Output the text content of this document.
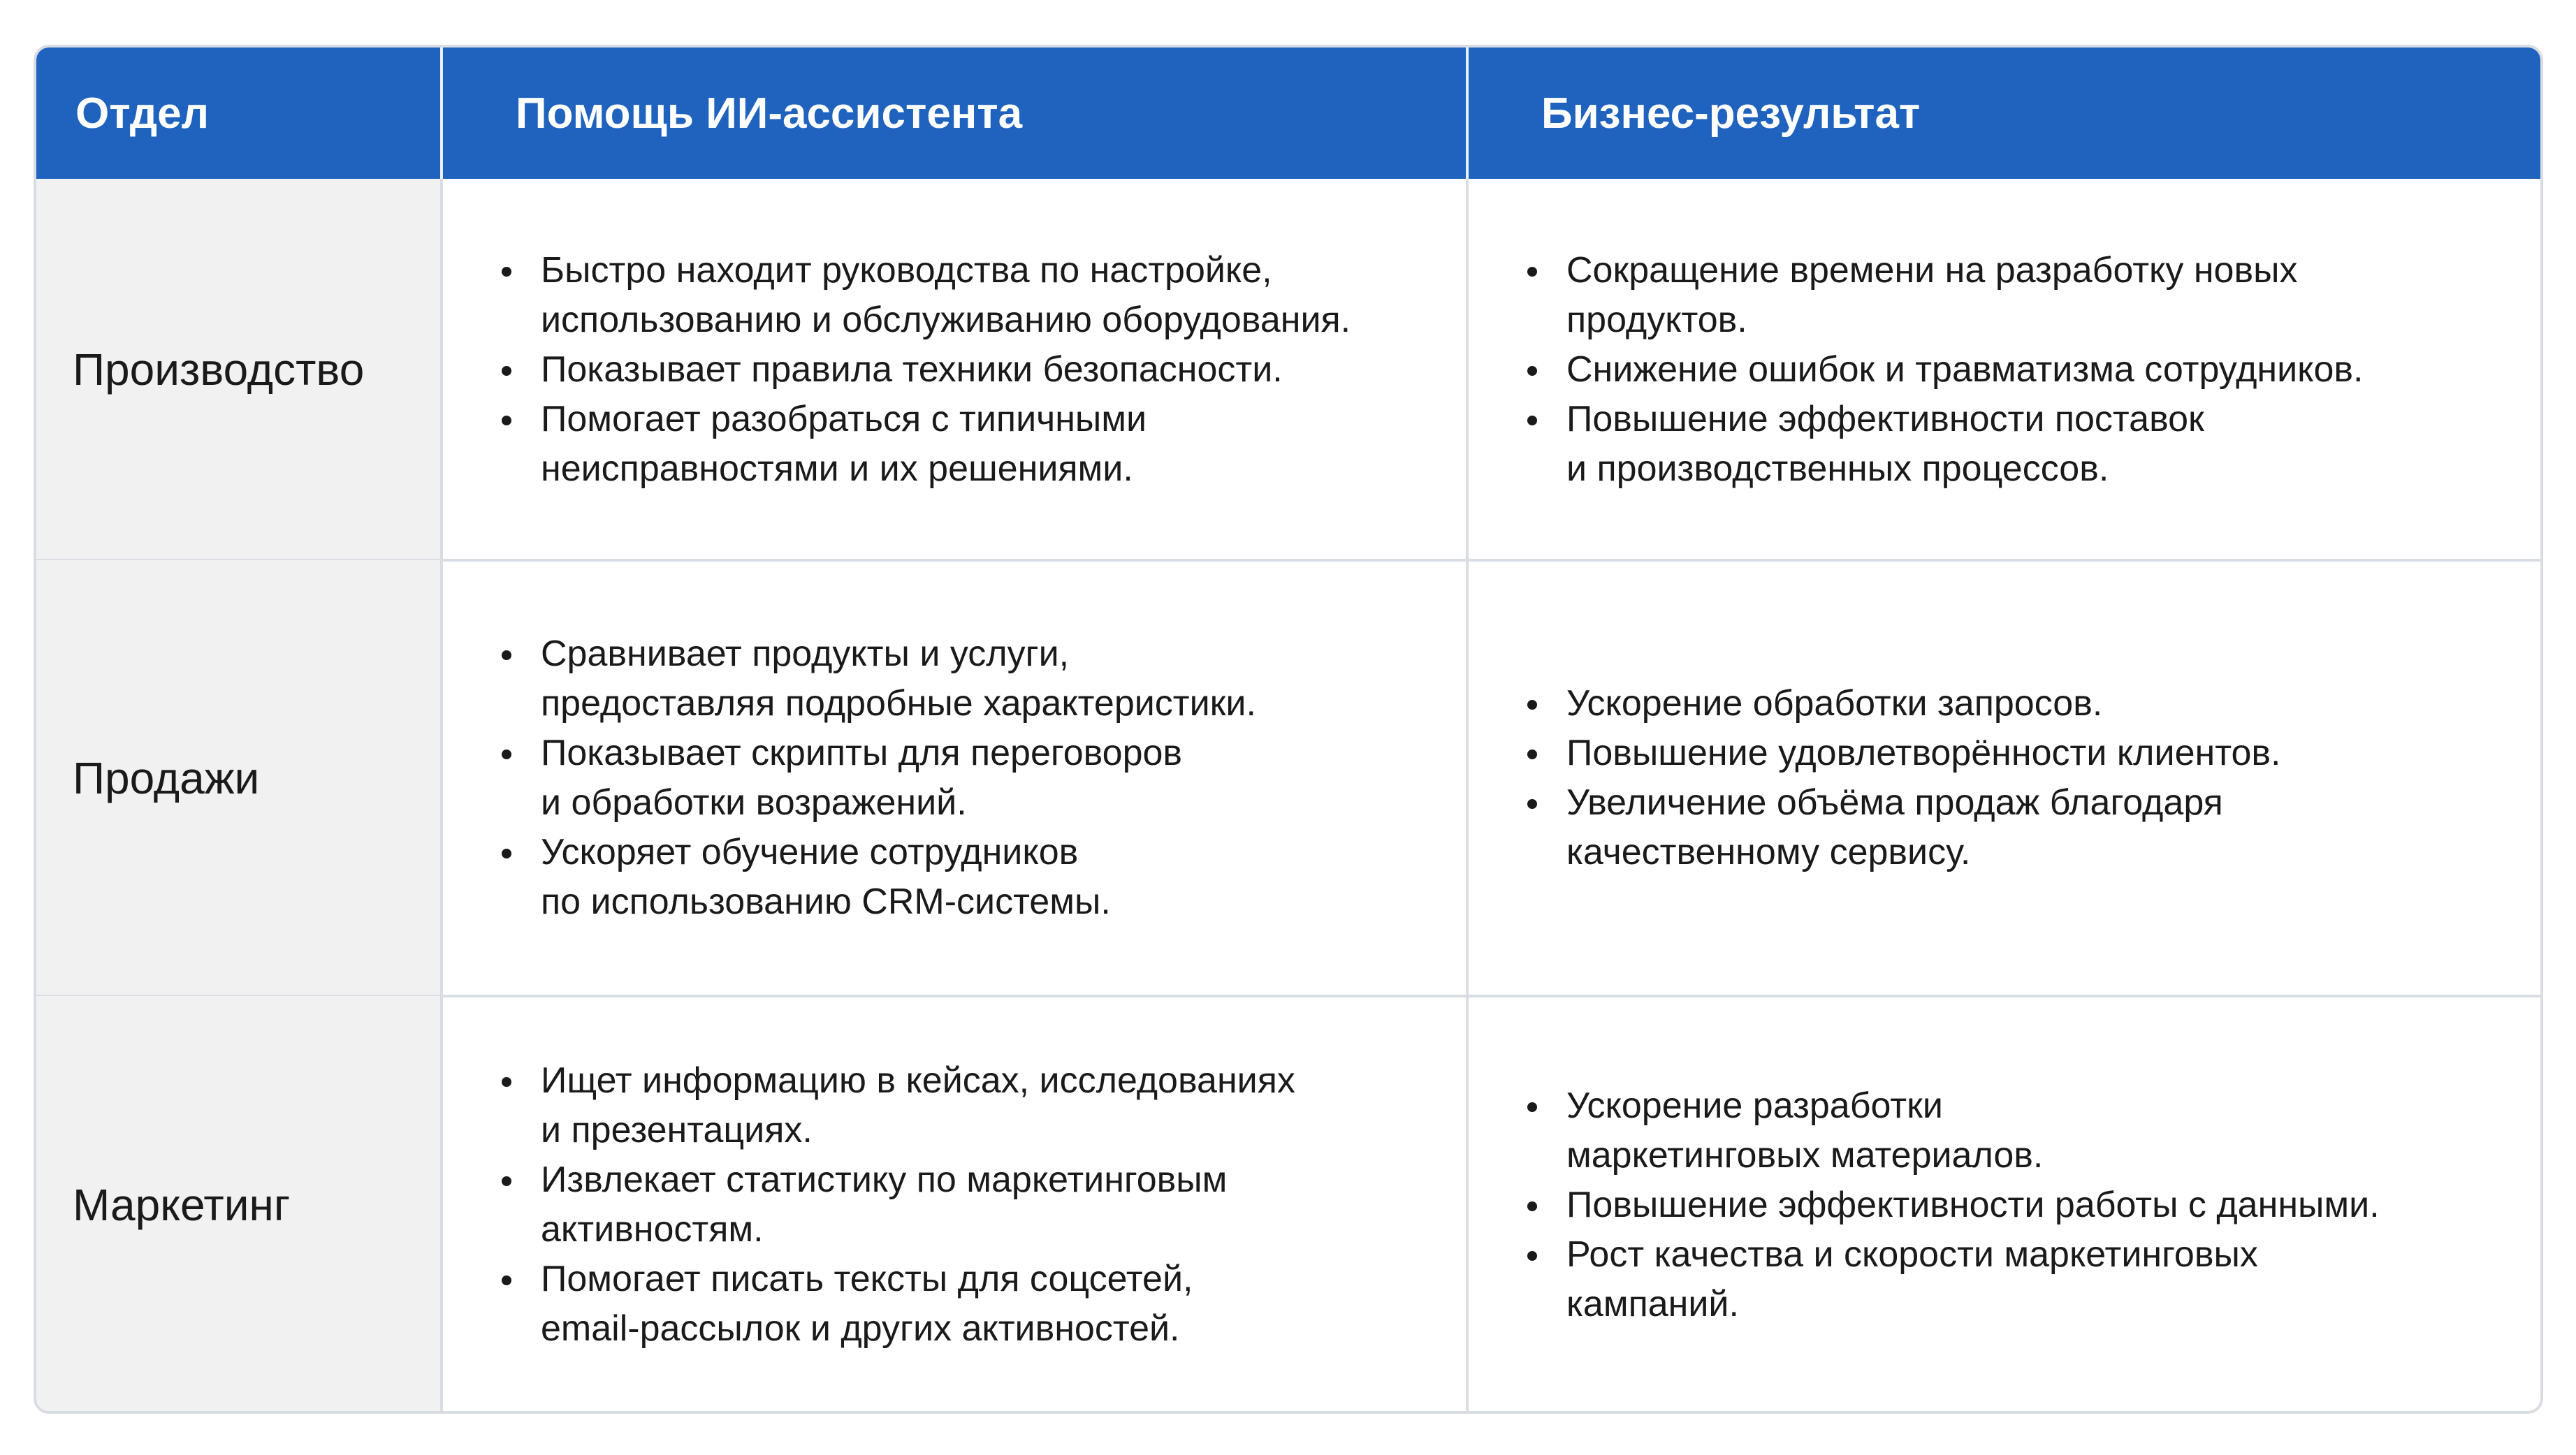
Отдел	Помощь ИИ-ассистента	Бизнес-результат
Производство
Быстро находит руководства по настройке,
использованию и обслуживанию оборудования.
Показывает правила техники безопасности.
Помогает разобраться с типичными
неисправностями и их решениями.
Сокращение времени на разработку новых
продуктов.
Снижение ошибок и травматизма сотрудников.
Повышение эффективности поставок
и производственных процессов.
Продажи
Сравнивает продукты и услуги,
предоставляя подробные характеристики.
Показывает скрипты для переговоров
и обработки возражений.
Ускоряет обучение сотрудников
по использованию CRM-системы.
Ускорение обработки запросов.
Повышение удовлетворённости клиентов.
Увеличение объёма продаж благодаря
качественному сервису.
Маркетинг
Ищет информацию в кейсах, исследованиях
и презентациях.
Извлекает статистику по маркетинговым
активностям.
Помогает писать тексты для соцсетей,
email-рассылок и других активностей.
Ускорение разработки
маркетинговых материалов.
Повышение эффективности работы с данными.
Рост качества и скорости маркетинговых
кампаний.
